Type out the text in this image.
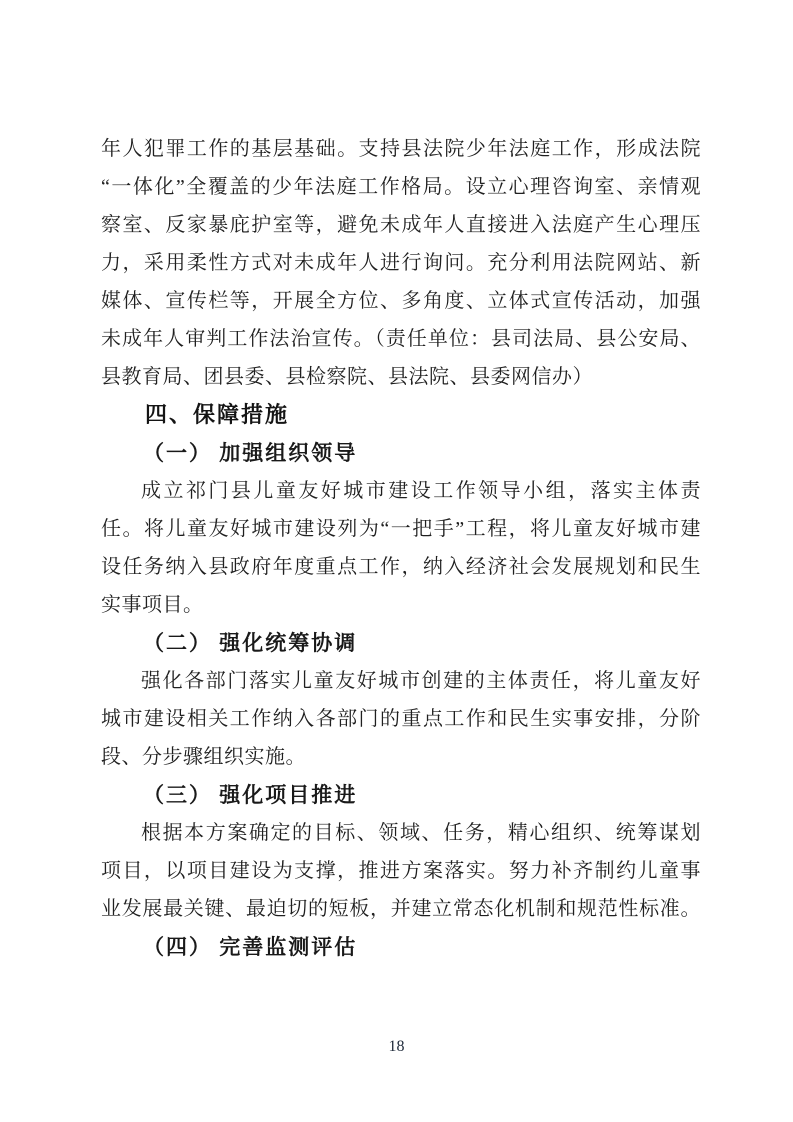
年人犯罪工作的基层基础。支持县法院少年法庭工作，形成法院
“一体化”全覆盖的少年法庭工作格局。设立心理咨询室、亲情观
察室、反家暴庇护室等，避免未成年人直接进入法庭产生心理压
力，采用柔性方式对未成年人进行询问。充分利用法院网站、新
媒体、宣传栏等，开展全方位、多角度、立体式宣传活动，加强
未成年人审判工作法治宣传。（责任单位：县司法局、县公安局、
县教育局、团县委、县检察院、县法院、县委网信办）
四、保障措施
（一） 加强组织领导
成立祁门县儿童友好城市建设工作领导小组，落实主体责
任。将儿童友好城市建设列为“一把手”工程，将儿童友好城市建
设任务纳入县政府年度重点工作，纳入经济社会发展规划和民生
实事项目。
（二） 强化统筹协调
强化各部门落实儿童友好城市创建的主体责任，将儿童友好
城市建设相关工作纳入各部门的重点工作和民生实事安排，分阶
段、分步骤组织实施。
（三） 强化项目推进
根据本方案确定的目标、领域、任务，精心组织、统筹谋划
项目，以项目建设为支撑，推进方案落实。努力补齐制约儿童事
业发展最关键、最迫切的短板，并建立常态化机制和规范性标准。
（四） 完善监测评估
18
